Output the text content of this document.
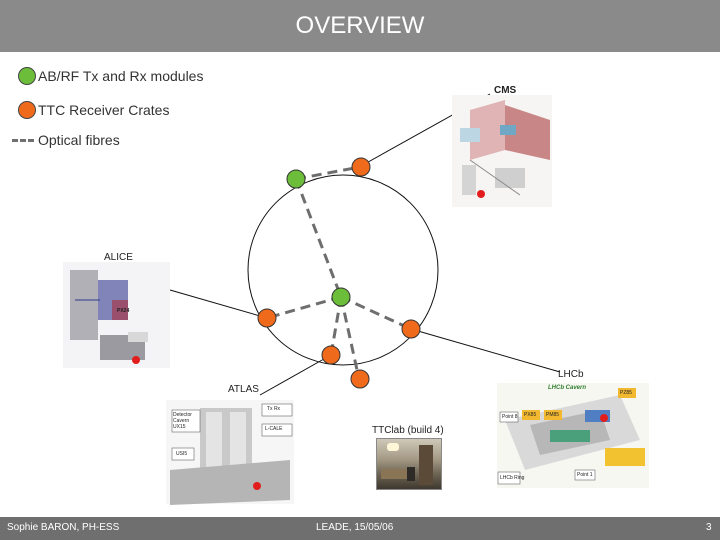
OVERVIEW
AB/RF Tx and Rx modules
TTC Receiver Crates
Optical fibres
CMS
ALICE
ATLAS
LHCb
TTClab (build 4)
PX24
Tx Rx
L-CALE
Detector Cavern UX15
USI5
Point 8 PX85 PM85
PZ85
LHCb Cavern
LHCb Ring	Point 1
Sophie BARON, PH-ESS	LEADE, 15/05/06	3
